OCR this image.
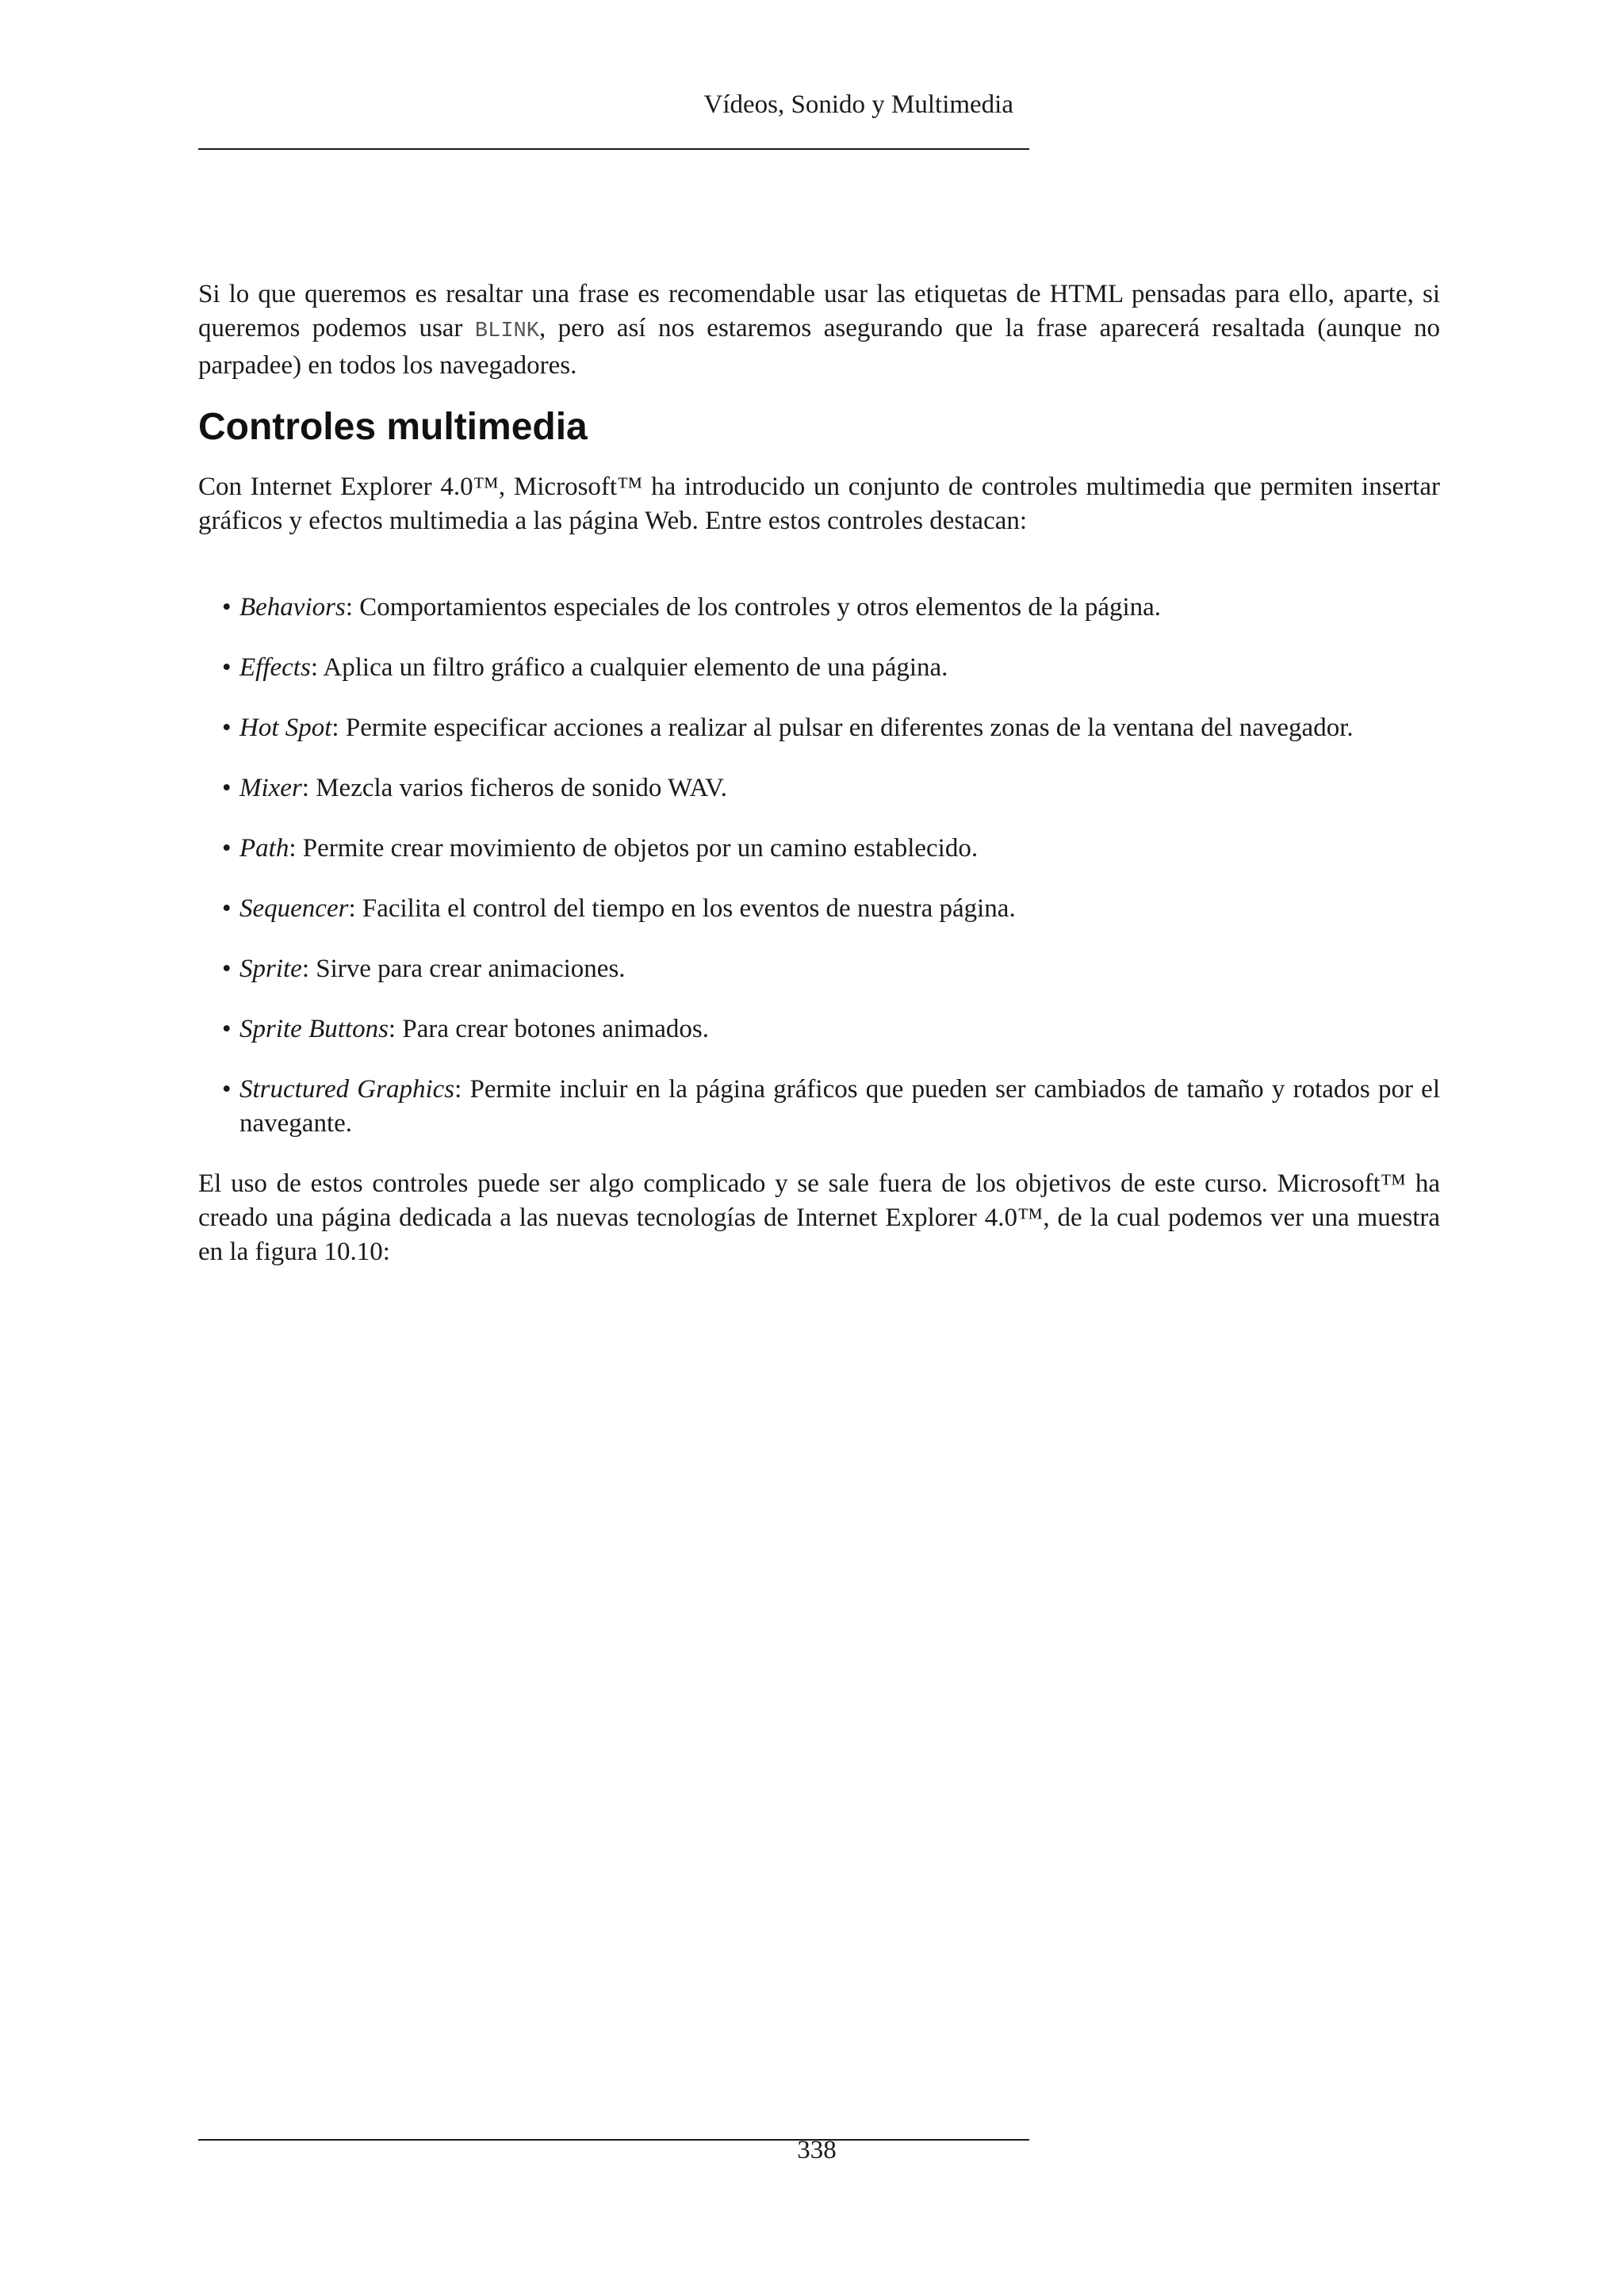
Vídeos, Sonido y Multimedia

Si lo que queremos es resaltar una frase es recomendable usar las etiquetas de HTML pensadas para ello, aparte, si queremos podemos usar BLINK, pero así nos estaremos asegurando que la frase aparecerá resaltada (aunque no parpadee) en todos los navegadores.

Controles multimedia

Con Internet Explorer 4.0™, Microsoft™ ha introducido un conjunto de controles multimedia que permiten insertar gráficos y efectos multimedia a las página Web. Entre estos controles destacan:

• Behaviors: Comportamientos especiales de los controles y otros elementos de la página.
• Effects: Aplica un filtro gráfico a cualquier elemento de una página.
• Hot Spot: Permite especificar acciones a realizar al pulsar en diferentes zonas de la ventana del navegador.
• Mixer: Mezcla varios ficheros de sonido WAV.
• Path: Permite crear movimiento de objetos por un camino establecido.
• Sequencer: Facilita el control del tiempo en los eventos de nuestra página.
• Sprite: Sirve para crear animaciones.
• Sprite Buttons: Para crear botones animados.
• Structured Graphics: Permite incluir en la página gráficos que pueden ser cambiados de tamaño y rotados por el navegante.

El uso de estos controles puede ser algo complicado y se sale fuera de los objetivos de este curso. Microsoft™ ha creado una página dedicada a las nuevas tecnologías de Internet Explorer 4.0™, de la cual podemos ver una muestra en la figura 10.10:

338
